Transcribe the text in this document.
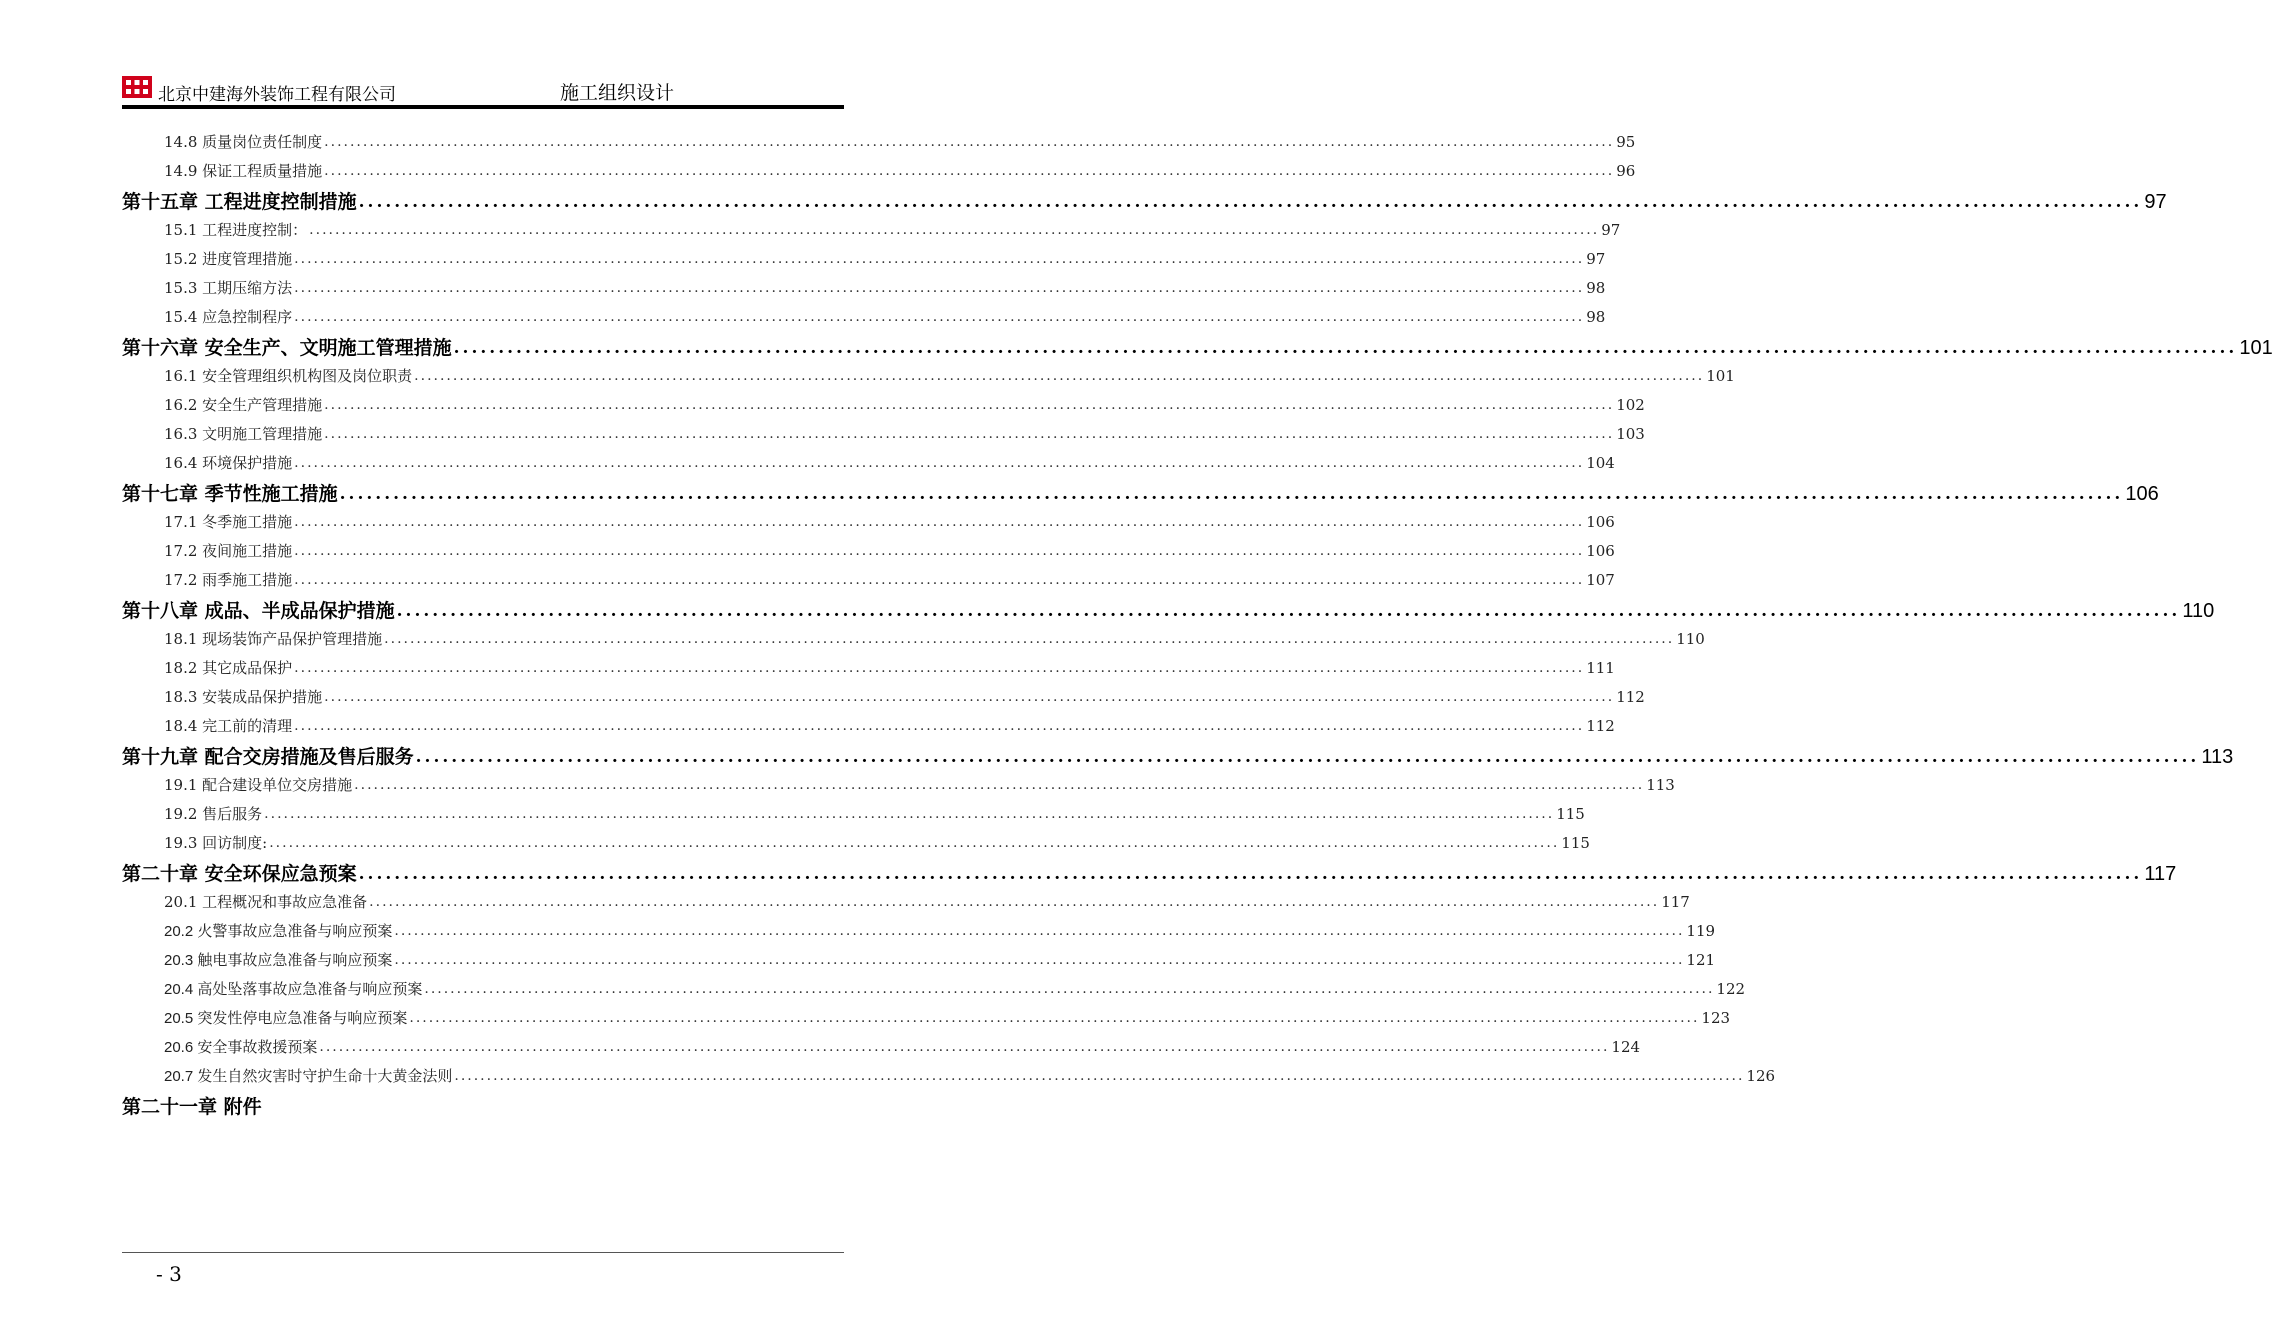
北京中建海外装饰工程有限公司	施工组织设计
14.8 质量岗位责任制度 ........................................................................................................................................................................................................ 95
14.9 保证工程质量措施 ........................................................................................................................................................................................................ 96
第十五章 工程进度控制措施 ........................................................................................................................................................................................................ 97
15.1 工程进度控制： ........................................................................................................................................................................................................ 97
15.2 进度管理措施 ........................................................................................................................................................................................................ 97
15.3 工期压缩方法 ........................................................................................................................................................................................................ 98
15.4 应急控制程序 ........................................................................................................................................................................................................ 98
第十六章 安全生产、文明施工管理措施 ........................................................................................................................................................................................................ 101
16.1 安全管理组织机构图及岗位职责 ........................................................................................................................................................................................................ 101
16.2 安全生产管理措施 ........................................................................................................................................................................................................ 102
16.3 文明施工管理措施 ........................................................................................................................................................................................................ 103
16.4 环境保护措施 ........................................................................................................................................................................................................ 104
第十七章 季节性施工措施 ........................................................................................................................................................................................................ 106
17.1 冬季施工措施 ........................................................................................................................................................................................................ 106
17.2 夜间施工措施 ........................................................................................................................................................................................................ 106
17.2 雨季施工措施 ........................................................................................................................................................................................................ 107
第十八章 成品、半成品保护措施 ........................................................................................................................................................................................................ 110
18.1 现场装饰产品保护管理措施 ........................................................................................................................................................................................................ 110
18.2 其它成品保护 ........................................................................................................................................................................................................ 111
18.3 安装成品保护措施 ........................................................................................................................................................................................................ 112
18.4 完工前的清理 ........................................................................................................................................................................................................ 112
第十九章 配合交房措施及售后服务 ........................................................................................................................................................................................................ 113
19.1 配合建设单位交房措施 ........................................................................................................................................................................................................ 113
19.2 售后服务 ........................................................................................................................................................................................................ 115
19.3 回访制度: ........................................................................................................................................................................................................ 115
第二十章 安全环保应急预案 ........................................................................................................................................................................................................ 117
20.1 工程概况和事故应急准备 ........................................................................................................................................................................................................ 117
20.2 火警事故应急准备与响应预案 ........................................................................................................................................................................................................ 119
20.3 触电事故应急准备与响应预案 ........................................................................................................................................................................................................ 121
20.4 高处坠落事故应急准备与响应预案 ........................................................................................................................................................................................................ 122
20.5 突发性停电应急准备与响应预案 ........................................................................................................................................................................................................ 123
20.6 安全事故救援预案 ........................................................................................................................................................................................................ 124
20.7 发生自然灾害时守护生命十大黄金法则 ........................................................................................................................................................................................................ 126
第二十一章 附件
- 3
